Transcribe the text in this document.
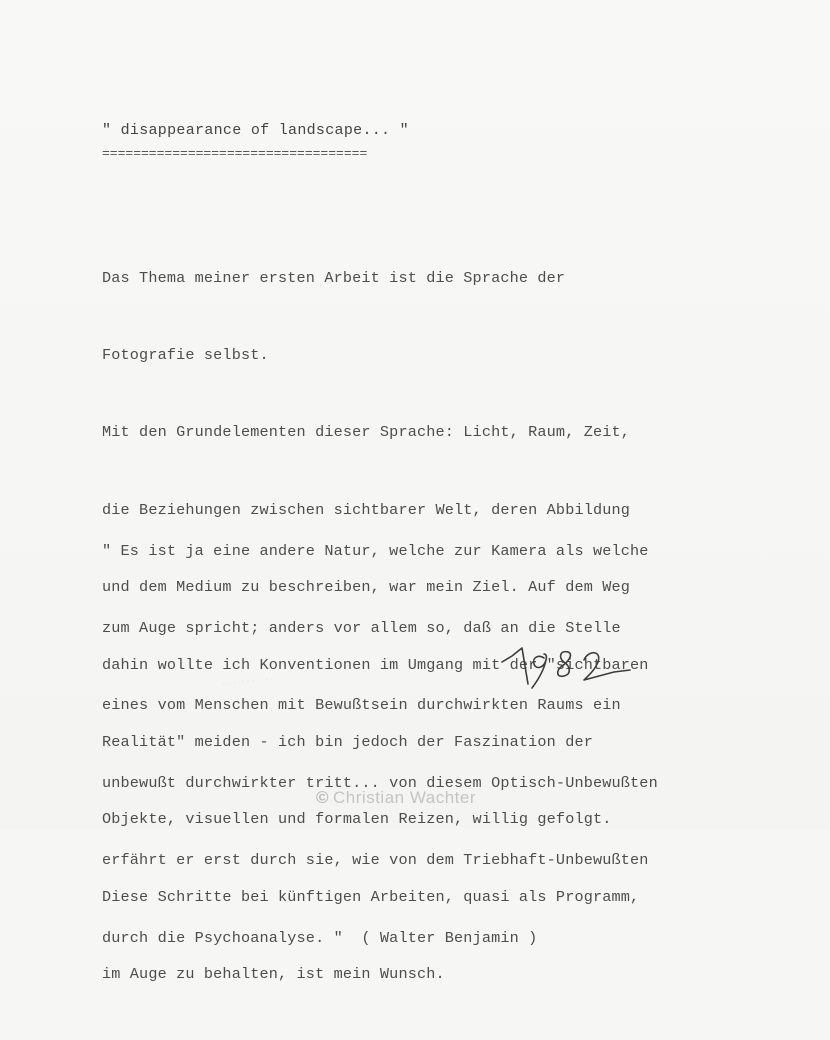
" disappearance of landscape... "
==================================

Das Thema meiner ersten Arbeit ist die Sprache der

Fotografie selbst.

Mit den Grundelementen dieser Sprache: Licht, Raum, Zeit,

die Beziehungen zwischen sichtbarer Welt, deren Abbildung

und dem Medium zu beschreiben, war mein Ziel. Auf dem Weg

dahin wollte ich Konventionen im Umgang mit der "sichtbaren

Realität" meiden - ich bin jedoch der Faszination der

Objekte, visuellen und formalen Reizen, willig gefolgt.

Diese Schritte bei künftigen Arbeiten, quasi als Programm,

im Auge zu behalten, ist mein Wunsch.

" Es ist ja eine andere Natur, welche zur Kamera als welche

zum Auge spricht; anders vor allem so, daß an die Stelle

eines vom Menschen mit Bewußtsein durchwirkten Raums ein

unbewußt durchwirkter tritt... von diesem Optisch-Unbewußten

erfährt er erst durch sie, wie von dem Triebhaft-Unbewußten

durch die Psychoanalyse. "  ( Walter Benjamin )

· · ·  · · ·  · ·
© Christian Wachter
